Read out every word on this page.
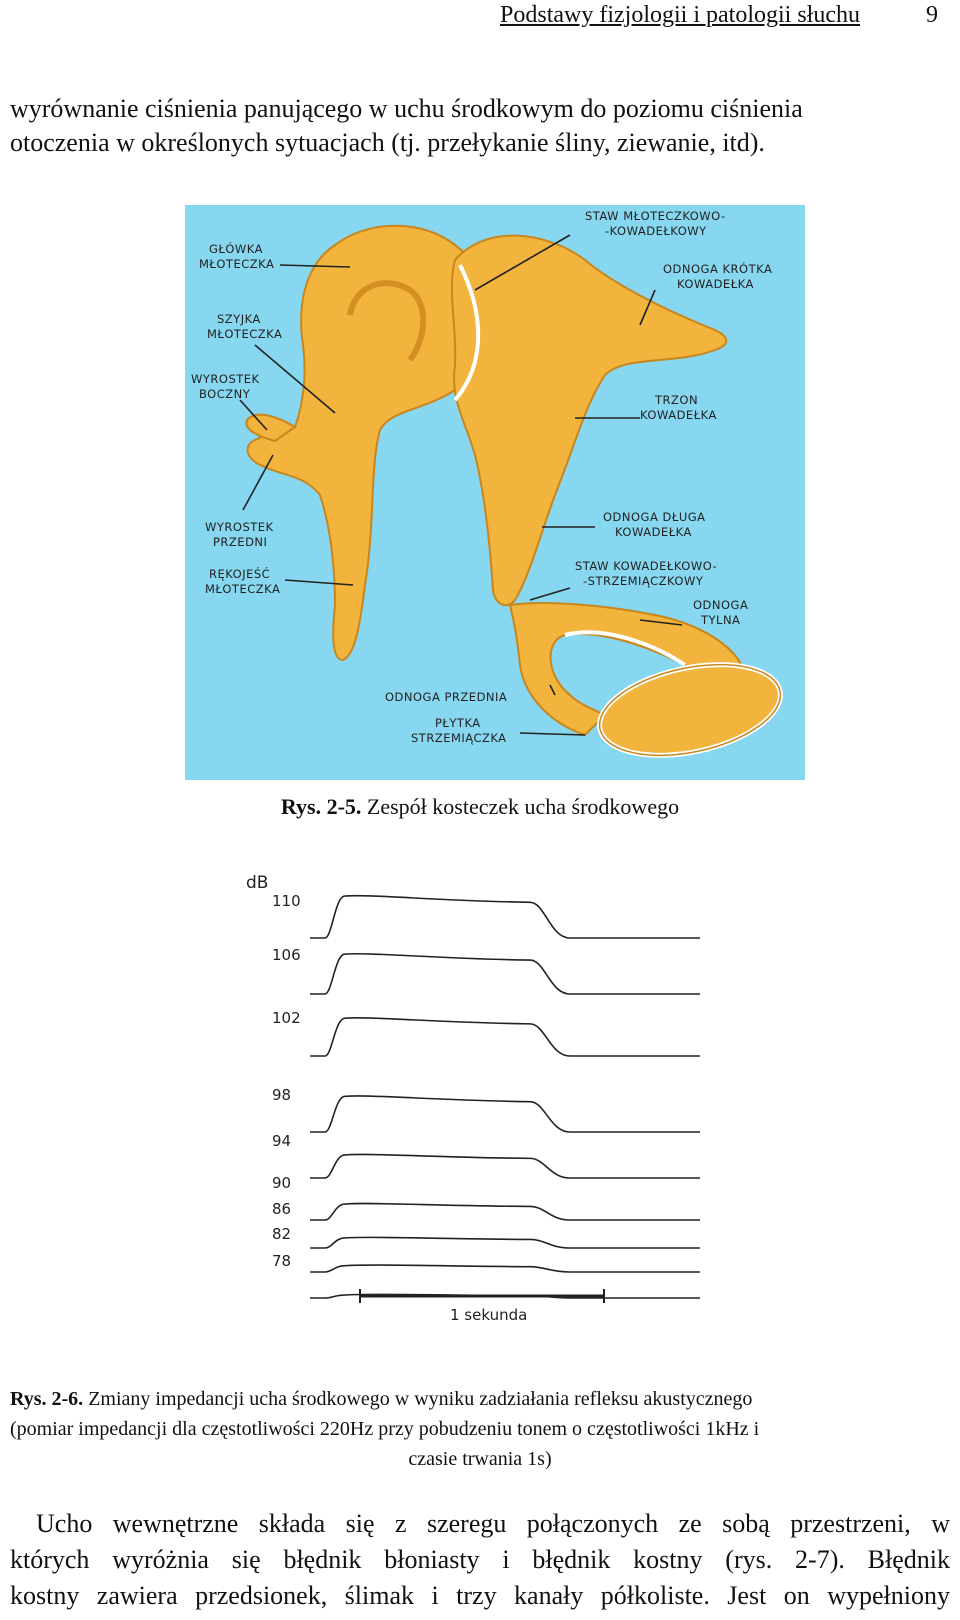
Podstawy fizjologii i patologii słuchu	9

wyrównanie ciśnienia panującego w uchu środkowym do poziomu ciśnienia
otoczenia w określonych sytuacjach (tj. przełykanie śliny, ziewanie, itd).

GŁÓWKA
MŁOTECZKA
SZYJKA
MŁOTECZKA
WYROSTEK
BOCZNY
WYROSTEK
PRZEDNI
RĘKOJEŚĆ
MŁOTECZKA
STAW MŁOTECZKOWO-
-KOWADEŁKOWY
ODNOGA KRÓTKA
KOWADEŁKA
TRZON
KOWADEŁKA
ODNOGA DŁUGA
KOWADEŁKA
STAW KOWADEŁKOWO-
-STRZEMIĄCZKOWY
ODNOGA
TYLNA
ODNOGA PRZEDNIA
PŁYTKA
STRZEMIĄCZKA

Rys. 2-5. Zespół kosteczek ucha środkowego

dB
110
106
102
98
94
90
86
82
78
1 sekunda

Rys. 2-6. Zmiany impedancji ucha środkowego w wyniku zadziałania refleksu akustycznego
(pomiar impedancji dla częstotliwości 220Hz przy pobudzeniu tonem o częstotliwości 1kHz i
czasie trwania 1s)

Ucho wewnętrzne składa się z szeregu połączonych ze sobą przestrzeni, w
których wyróżnia się błędnik błoniasty i błędnik kostny (rys. 2-7). Błędnik
kostny zawiera przedsionek, ślimak i trzy kanały półkoliste. Jest on wypełniony
